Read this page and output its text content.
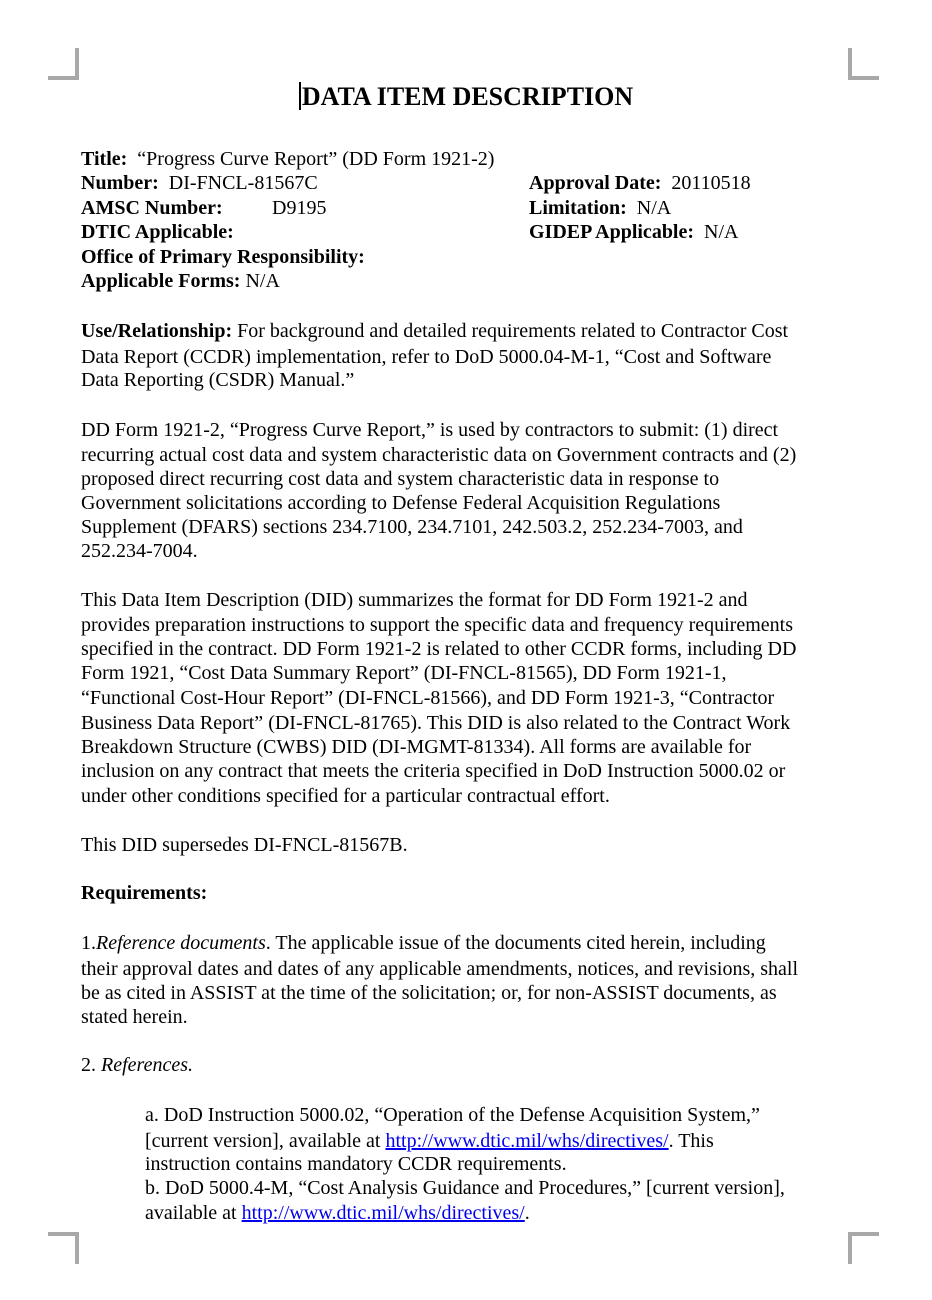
DATA ITEM DESCRIPTION
Title: “Progress Curve Report” (DD Form 1921-2)
Number: DI-FNCL-81567C	Approval Date: 20110518
AMSC Number: D9195	Limitation: N/A
DTIC Applicable:	GIDEP Applicable: N/A
Office of Primary Responsibility:
Applicable Forms: N/A
Use/Relationship: For background and detailed requirements related to Contractor Cost
Data Report (CCDR) implementation, refer to DoD 5000.04-M-1, “Cost and Software
Data Reporting (CSDR) Manual.”
DD Form 1921-2, “Progress Curve Report,” is used by contractors to submit: (1) direct
recurring actual cost data and system characteristic data on Government contracts and (2)
proposed direct recurring cost data and system characteristic data in response to
Government solicitations according to Defense Federal Acquisition Regulations
Supplement (DFARS) sections 234.7100, 234.7101, 242.503.2, 252.234-7003, and
252.234-7004.
This Data Item Description (DID) summarizes the format for DD Form 1921-2 and
provides preparation instructions to support the specific data and frequency requirements
specified in the contract. DD Form 1921-2 is related to other CCDR forms, including DD
Form 1921, “Cost Data Summary Report” (DI-FNCL-81565), DD Form 1921-1,
“Functional Cost-Hour Report” (DI-FNCL-81566), and DD Form 1921-3, “Contractor
Business Data Report” (DI-FNCL-81765). This DID is also related to the Contract Work
Breakdown Structure (CWBS) DID (DI-MGMT-81334). All forms are available for
inclusion on any contract that meets the criteria specified in DoD Instruction 5000.02 or
under other conditions specified for a particular contractual effort.
This DID supersedes DI-FNCL-81567B.
Requirements:
1.Reference documents. The applicable issue of the documents cited herein, including
their approval dates and dates of any applicable amendments, notices, and revisions, shall
be as cited in ASSIST at the time of the solicitation; or, for non-ASSIST documents, as
stated herein.
2. References.
a. DoD Instruction 5000.02, “Operation of the Defense Acquisition System,”
[current version], available at http://www.dtic.mil/whs/directives/. This
instruction contains mandatory CCDR requirements.
b. DoD 5000.4-M, “Cost Analysis Guidance and Procedures,” [current version],
available at http://www.dtic.mil/whs/directives/.
